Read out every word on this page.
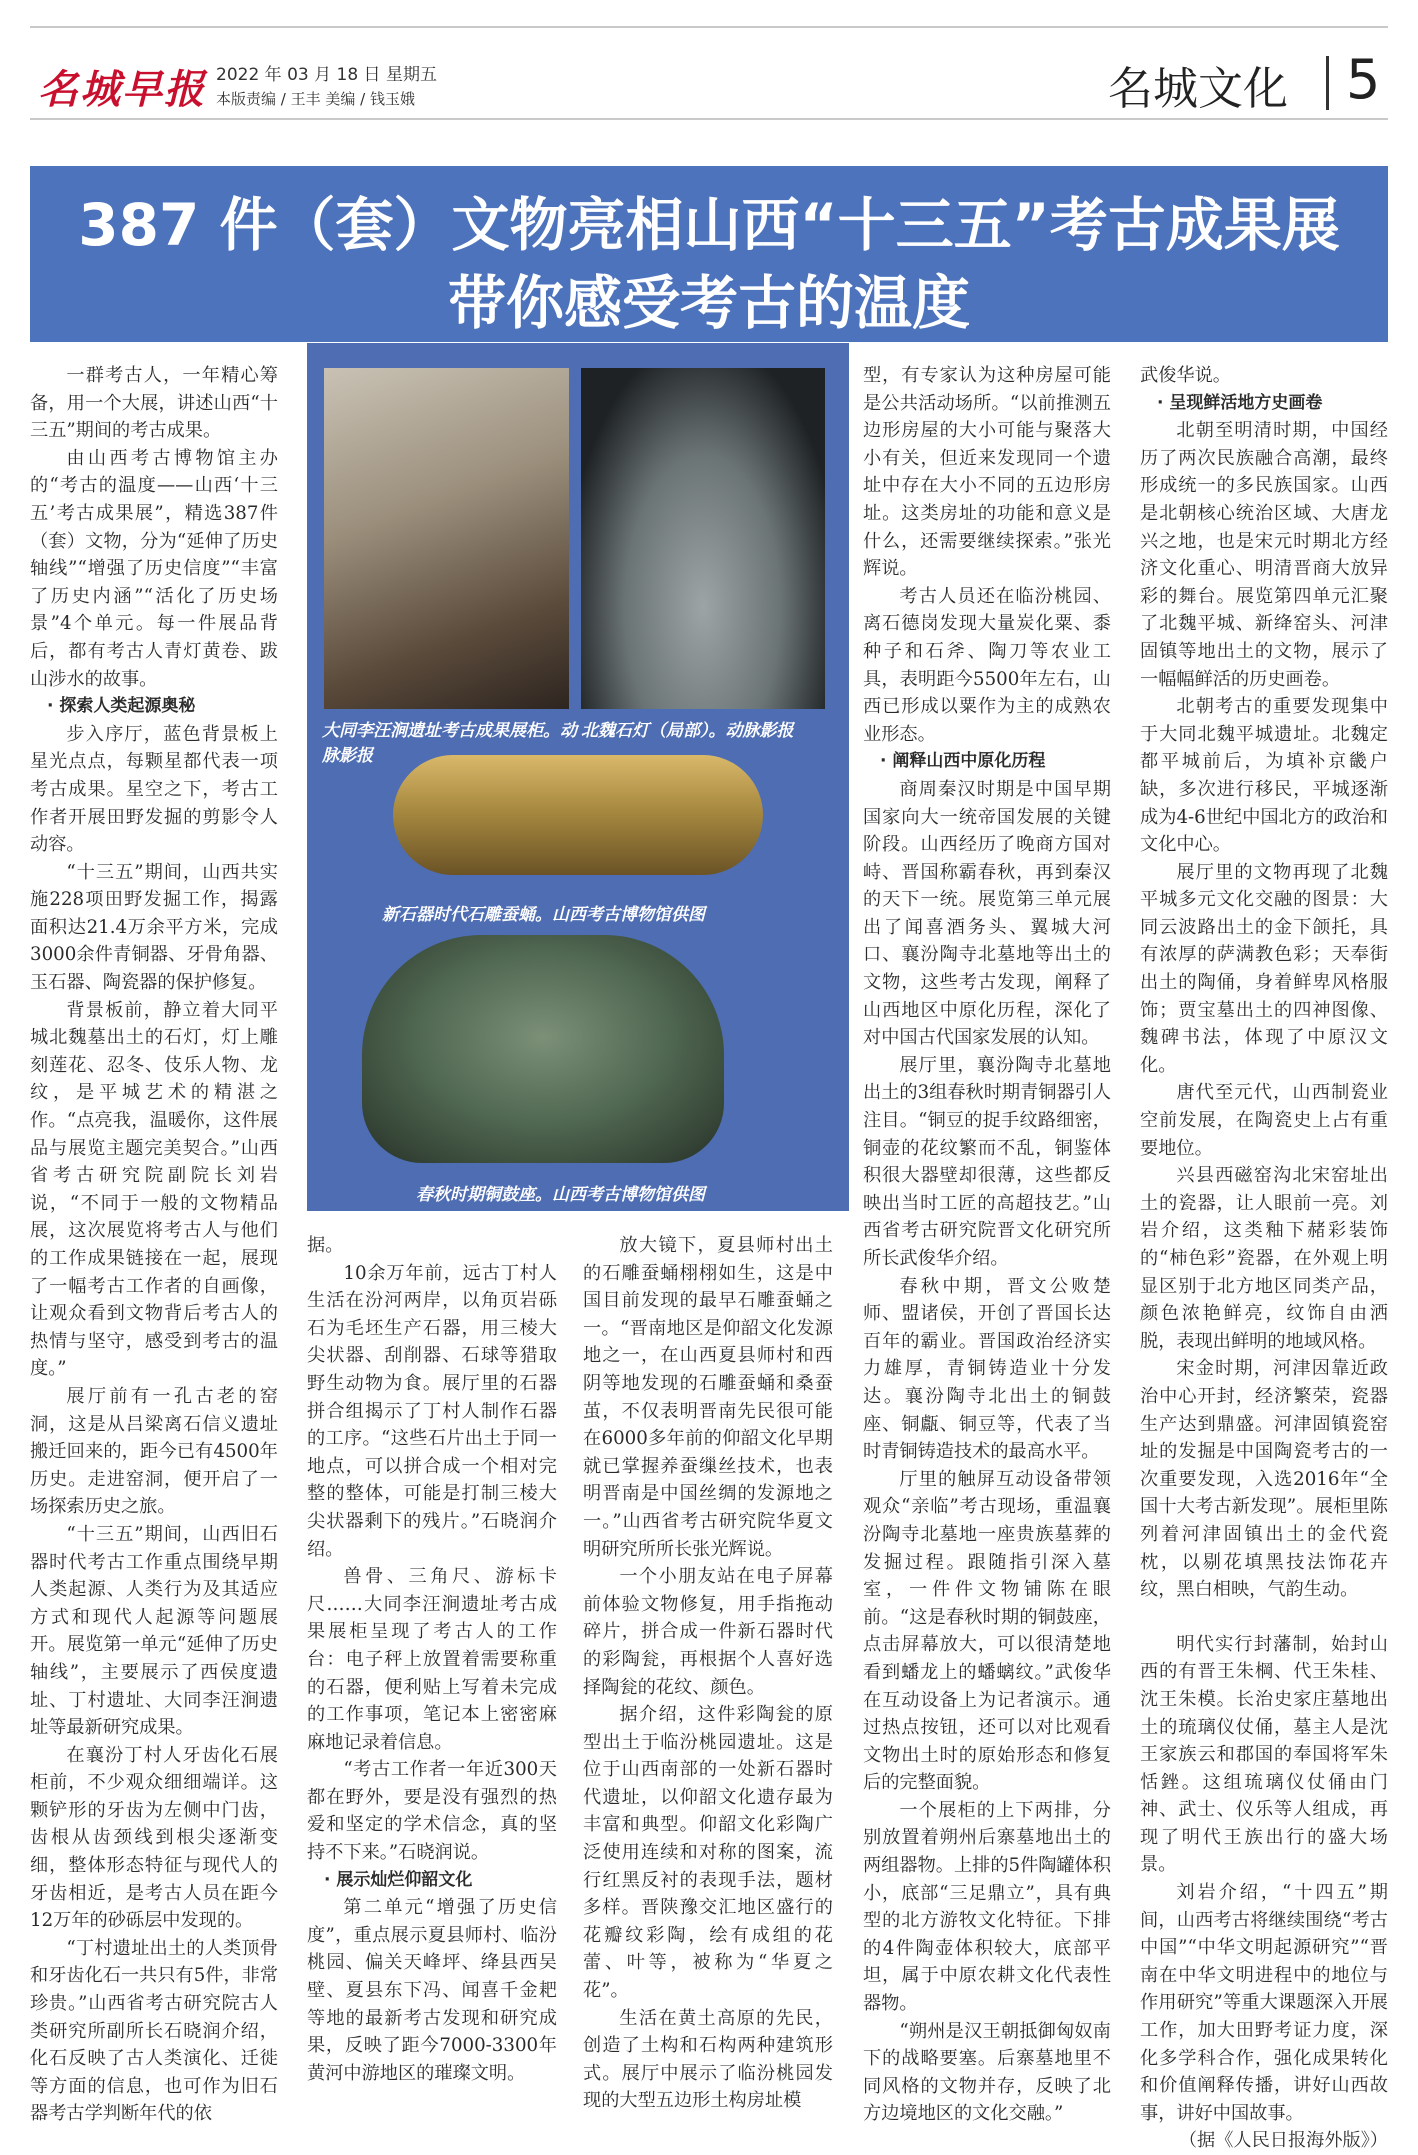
名城早报 2022 年 03 月 18 日 星期五
本版责编 / 王丰 美编 / 钱玉娥	名城文化 5
387 件（套）文物亮相山西“十三五”考古成果展
带你感受考古的温度
大同李汪涧遗址考古成果展柜。动脉影报
北魏石灯（局部）。动脉影报
新石器时代石雕蚕蛹。山西考古博物馆供图
春秋时期铜鼓座。山西考古博物馆供图

一群考古人，一年精心筹备，用一个大展，讲述山西“十三五”期间的考古成果。

由山西考古博物馆主办的“考古的温度——山西‘十三五’考古成果展”，精选387件（套）文物，分为“延伸了历史轴线”“增强了历史信度”“丰富了历史内涵”“活化了历史场景”4个单元。每一件展品背后，都有考古人青灯黄卷、跋山涉水的故事。

· 探索人类起源奥秘

步入序厅，蓝色背景板上星光点点，每颗星都代表一项考古成果。星空之下，考古工作者开展田野发掘的剪影令人动容。

“十三五”期间，山西共实施228项田野发掘工作，揭露面积达21.4万余平方米，完成3000余件青铜器、牙骨角器、玉石器、陶瓷器的保护修复。

背景板前，静立着大同平城北魏墓出土的石灯，灯上雕刻莲花、忍冬、伎乐人物、龙纹，是平城艺术的精湛之作。“点亮我，温暖你，这件展品与展览主题完美契合。”山西省考古研究院副院长刘岩说，“不同于一般的文物精品展，这次展览将考古人与他们的工作成果链接在一起，展现了一幅考古工作者的自画像，让观众看到文物背后考古人的热情与坚守，感受到考古的温度。”

展厅前有一孔古老的窑洞，这是从吕梁离石信义遗址搬迁回来的，距今已有4500年历史。走进窑洞，便开启了一场探索历史之旅。

“十三五”期间，山西旧石器时代考古工作重点围绕早期人类起源、人类行为及其适应方式和现代人起源等问题展开。展览第一单元“延伸了历史轴线”，主要展示了西侯度遗址、丁村遗址、大同李汪涧遗址等最新研究成果。

在襄汾丁村人牙齿化石展柜前，不少观众细细端详。这颗铲形的牙齿为左侧中门齿，齿根从齿颈线到根尖逐渐变细，整体形态特征与现代人的牙齿相近，是考古人员在距今12万年的砂砾层中发现的。

“丁村遗址出土的人类顶骨和牙齿化石一共只有5件，非常珍贵。”山西省考古研究院古人类研究所副所长石晓润介绍，化石反映了古人类演化、迁徙等方面的信息，也可作为旧石器考古学判断年代的依

据。

10余万年前，远古丁村人生活在汾河两岸，以角页岩砾石为毛坯生产石器，用三棱大尖状器、刮削器、石球等猎取野生动物为食。展厅里的石器拼合组揭示了丁村人制作石器的工序。“这些石片出土于同一地点，可以拼合成一个相对完整的整体，可能是打制三棱大尖状器剩下的残片。”石晓润介绍。

兽骨、三角尺、游标卡尺……大同李汪涧遗址考古成果展柜呈现了考古人的工作台：电子秤上放置着需要称重的石器，便利贴上写着未完成的工作事项，笔记本上密密麻麻地记录着信息。

“考古工作者一年近300天都在野外，要是没有强烈的热爱和坚定的学术信念，真的坚持不下来。”石晓润说。

· 展示灿烂仰韶文化

第二单元“增强了历史信度”，重点展示夏县师村、临汾桃园、偏关天峰坪、绛县西吴壁、夏县东下冯、闻喜千金耙等地的最新考古发现和研究成果，反映了距今7000-3300年黄河中游地区的璀璨文明。

放大镜下，夏县师村出土的石雕蚕蛹栩栩如生，这是中国目前发现的最早石雕蚕蛹之一。“晋南地区是仰韶文化发源地之一，在山西夏县师村和西阴等地发现的石雕蚕蛹和桑蚕茧，不仅表明晋南先民很可能在6000多年前的仰韶文化早期就已掌握养蚕缫丝技术，也表明晋南是中国丝绸的发源地之一。”山西省考古研究院华夏文明研究所所长张光辉说。

一个小朋友站在电子屏幕前体验文物修复，用手指拖动碎片，拼合成一件新石器时代的彩陶瓮，再根据个人喜好选择陶瓮的花纹、颜色。

据介绍，这件彩陶瓮的原型出土于临汾桃园遗址。这是位于山西南部的一处新石器时代遗址，以仰韶文化遗存最为丰富和典型。仰韶文化彩陶广泛使用连续和对称的图案，流行红黑反衬的表现手法，题材多样。晋陕豫交汇地区盛行的花瓣纹彩陶，绘有成组的花蕾、叶等，被称为“华夏之花”。

生活在黄土高原的先民，创造了土构和石构两种建筑形式。展厅中展示了临汾桃园发现的大型五边形土构房址模

型，有专家认为这种房屋可能是公共活动场所。“以前推测五边形房屋的大小可能与聚落大小有关，但近来发现同一个遗址中存在大小不同的五边形房址。这类房址的功能和意义是什么，还需要继续探索。”张光辉说。

考古人员还在临汾桃园、离石德岗发现大量炭化粟、黍种子和石斧、陶刀等农业工具，表明距今5500年左右，山西已形成以粟作为主的成熟农业形态。

· 阐释山西中原化历程

商周秦汉时期是中国早期国家向大一统帝国发展的关键阶段。山西经历了晚商方国对峙、晋国称霸春秋，再到秦汉的天下一统。展览第三单元展出了闻喜酒务头、翼城大河口、襄汾陶寺北墓地等出土的文物，这些考古发现，阐释了山西地区中原化历程，深化了对中国古代国家发展的认知。

展厅里，襄汾陶寺北墓地出土的3组春秋时期青铜器引人注目。“铜豆的捉手纹路细密，铜壶的花纹繁而不乱，铜鉴体积很大器壁却很薄，这些都反映出当时工匠的高超技艺。”山西省考古研究院晋文化研究所所长武俊华介绍。

春秋中期，晋文公败楚师、盟诸侯，开创了晋国长达百年的霸业。晋国政治经济实力雄厚，青铜铸造业十分发达。襄汾陶寺北出土的铜鼓座、铜甗、铜豆等，代表了当时青铜铸造技术的最高水平。

厅里的触屏互动设备带领观众“亲临”考古现场，重温襄汾陶寺北墓地一座贵族墓葬的发掘过程。跟随指引深入墓室，一件件文物铺陈在眼前。“这是春秋时期的铜鼓座，点击屏幕放大，可以很清楚地看到蟠龙上的蟠螭纹。”武俊华在互动设备上为记者演示。通过热点按钮，还可以对比观看文物出土时的原始形态和修复后的完整面貌。

一个展柜的上下两排，分别放置着朔州后寨墓地出土的两组器物。上排的5件陶罐体积小，底部“三足鼎立”，具有典型的北方游牧文化特征。下排的4件陶壶体积较大，底部平坦，属于中原农耕文化代表性器物。

“朔州是汉王朝抵御匈奴南下的战略要塞。后寨墓地里不同风格的文物并存，反映了北方边境地区的文化交融。”

武俊华说。

· 呈现鲜活地方史画卷

北朝至明清时期，中国经历了两次民族融合高潮，最终形成统一的多民族国家。山西是北朝核心统治区域、大唐龙兴之地，也是宋元时期北方经济文化重心、明清晋商大放异彩的舞台。展览第四单元汇聚了北魏平城、新绛窑头、河津固镇等地出土的文物，展示了一幅幅鲜活的历史画卷。

北朝考古的重要发现集中于大同北魏平城遗址。北魏定都平城前后，为填补京畿户缺，多次进行移民，平城逐渐成为4-6世纪中国北方的政治和文化中心。

展厅里的文物再现了北魏平城多元文化交融的图景：大同云波路出土的金下颌托，具有浓厚的萨满教色彩；天奉街出土的陶俑，身着鲜卑风格服饰；贾宝墓出土的四神图像、魏碑书法，体现了中原汉文化。

唐代至元代，山西制瓷业空前发展，在陶瓷史上占有重要地位。

兴县西磁窑沟北宋窑址出土的瓷器，让人眼前一亮。刘岩介绍，这类釉下赭彩装饰的“柿色彩”瓷器，在外观上明显区别于北方地区同类产品，颜色浓艳鲜亮，纹饰自由洒脱，表现出鲜明的地域风格。

宋金时期，河津因靠近政治中心开封，经济繁荣，瓷器生产达到鼎盛。河津固镇瓷窑址的发掘是中国陶瓷考古的一次重要发现，入选2016年“全国十大考古新发现”。展柜里陈列着河津固镇出土的金代瓷枕，以剔花填黑技法饰花卉纹，黑白相映，气韵生动。

明代实行封藩制，始封山西的有晋王朱棡、代王朱桂、沈王朱模。长治史家庄墓地出土的琉璃仪仗俑，墓主人是沈王家族云和郡国的奉国将军朱恬銼。这组琉璃仪仗俑由门神、武士、仪乐等人组成，再现了明代王族出行的盛大场景。

刘岩介绍，“十四五”期间，山西考古将继续围绕“考古中国”“中华文明起源研究”“晋南在中华文明进程中的地位与作用研究”等重大课题深入开展工作，加大田野考证力度，深化多学科合作，强化成果转化和价值阐释传播，讲好山西故事，讲好中国故事。

（据《人民日报海外版》）
